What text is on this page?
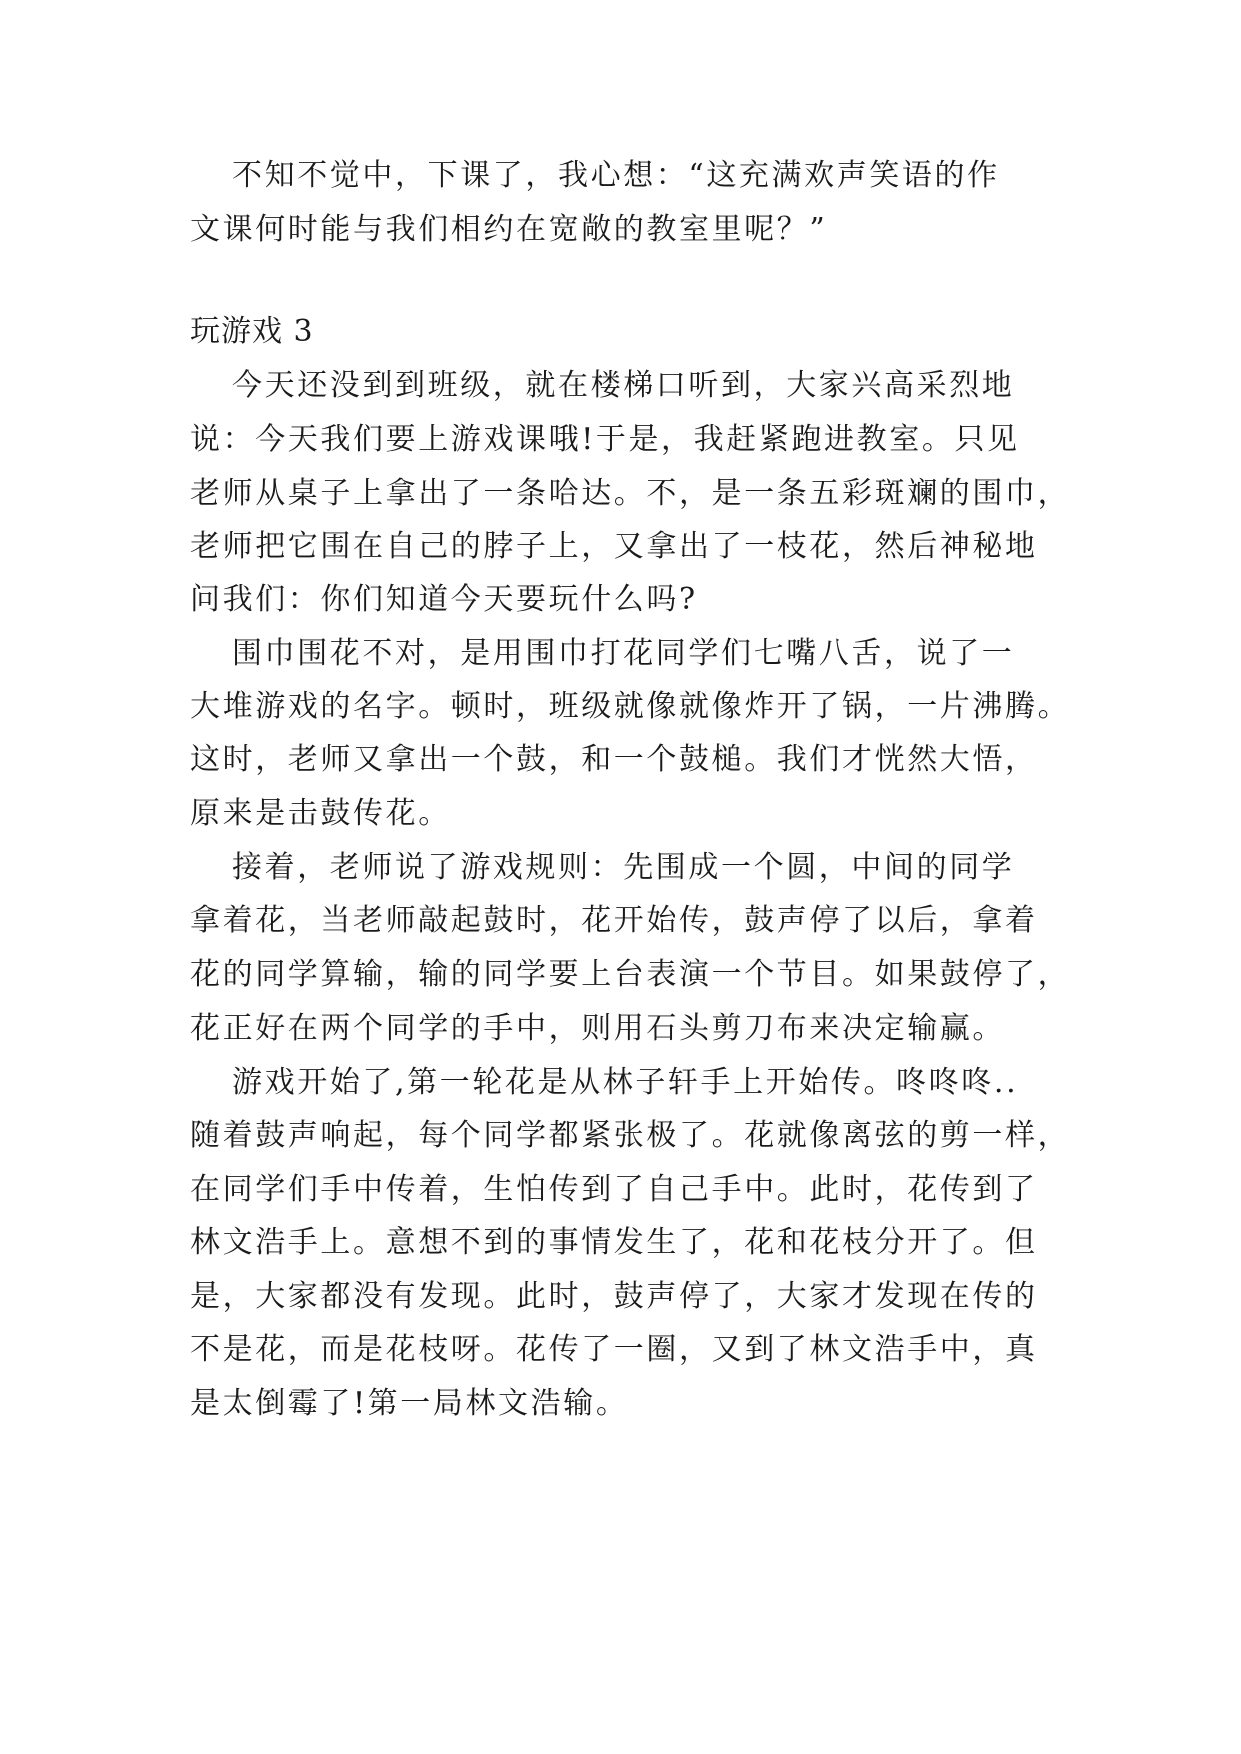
不知不觉中，下课了，我心想：“这充满欢声笑语的作
文课何时能与我们相约在宽敞的教室里呢？”
玩游戏 3
今天还没到到班级，就在楼梯口听到，大家兴高采烈地
说：今天我们要上游戏课哦!于是，我赶紧跑进教室。只见
老师从桌子上拿出了一条哈达。不，是一条五彩斑斓的围巾，
老师把它围在自己的脖子上，又拿出了一枝花，然后神秘地
问我们：你们知道今天要玩什么吗?
围巾围花不对，是用围巾打花同学们七嘴八舌，说了一
大堆游戏的名字。顿时，班级就像就像炸开了锅，一片沸腾。
这时，老师又拿出一个鼓，和一个鼓槌。我们才恍然大悟，
原来是击鼓传花。
接着，老师说了游戏规则：先围成一个圆，中间的同学
拿着花，当老师敲起鼓时，花开始传，鼓声停了以后，拿着
花的同学算输，输的同学要上台表演一个节目。如果鼓停了，
花正好在两个同学的手中，则用石头剪刀布来决定输赢。
游戏开始了,第一轮花是从林子轩手上开始传。咚咚咚..
随着鼓声响起，每个同学都紧张极了。花就像离弦的剪一样，
在同学们手中传着，生怕传到了自己手中。此时，花传到了
林文浩手上。意想不到的事情发生了，花和花枝分开了。但
是，大家都没有发现。此时，鼓声停了，大家才发现在传的
不是花，而是花枝呀。花传了一圈，又到了林文浩手中，真
是太倒霉了!第一局林文浩输。
